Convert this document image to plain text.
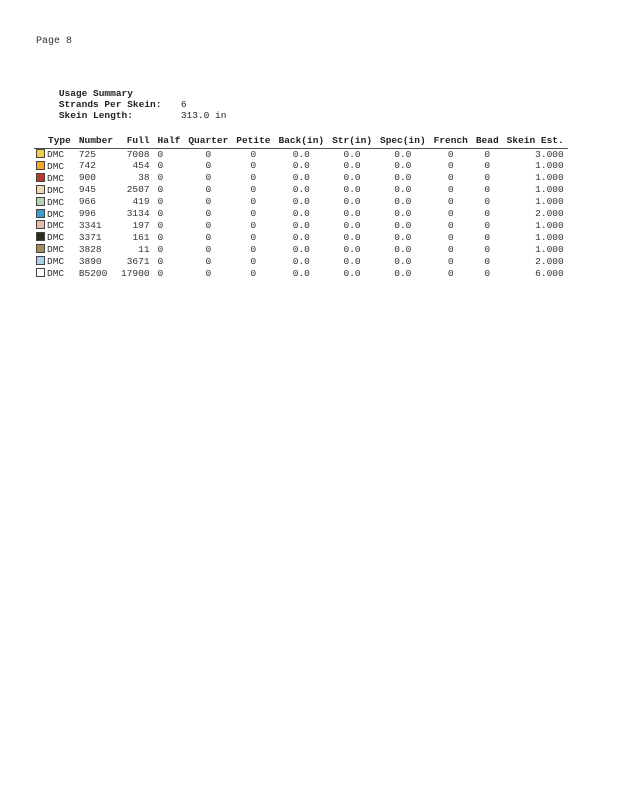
Page 8

Usage Summary

Strands Per Skein: 6

Skein Length:	313.0 in

Type	Number	Full	Half	Quarter	Petite	Back(in)	Str(in)	Spec(in)	French	Bead	Skein Est.
DMC	725	7008	0	0	0	0.0	0.0	0.0	0	0	3.000
DMC	742	454	0	0	0	0.0	0.0	0.0	0	0	1.000
DMC	900	38	0	0	0	0.0	0.0	0.0	0	0	1.000
DMC	945	2507	0	0	0	0.0	0.0	0.0	0	0	1.000
DMC	966	419	0	0	0	0.0	0.0	0.0	0	0	1.000
DMC	996	3134	0	0	0	0.0	0.0	0.0	0	0	2.000
DMC	3341	197	0	0	0	0.0	0.0	0.0	0	0	1.000
DMC	3371	161	0	0	0	0.0	0.0	0.0	0	0	1.000
DMC	3828	11	0	0	0	0.0	0.0	0.0	0	0	1.000
DMC	3890	3671	0	0	0	0.0	0.0	0.0	0	0	2.000
DMC	B5200	17900	0	0	0	0.0	0.0	0.0	0	0	6.000
